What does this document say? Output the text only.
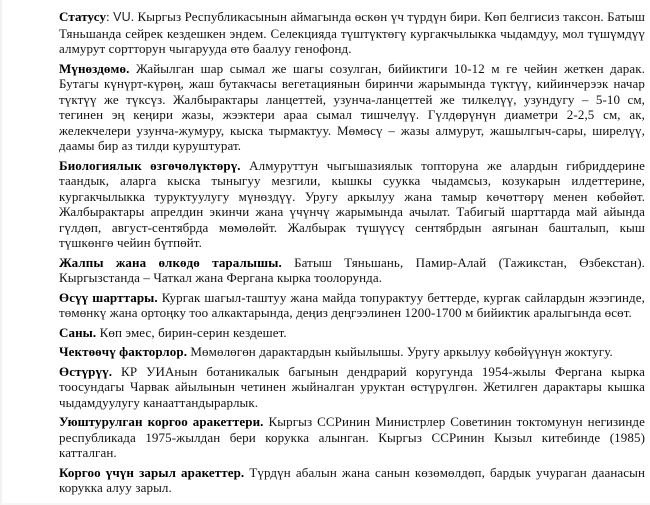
Статусу: VU. Кыргыз Республикасынын аймагында өскөн үч түрдүн бири. Көп белгисиз таксон. Батыш Тяньшанда сейрек кездешкен эндем. Селекцияда түштүктөгү кургакчылыкка чыдамдуу, мол түшүмдүү алмурут сортторун чыгарууда өтө баалуу генофонд.

Мүнөздөмө. Жайылган шар сымал же шагы созулган, бийиктиги 10-12 м ге чейин жеткен дарак. Бутагы күнүрт-күрөң, жаш бутакчасы вегетациянын биринчи жарымында түктүү, кийинчерээк начар түктүү же түксүз. Жалбырактары ланцеттей, узунча-ланцеттей же тилкелүү, узундугу – 5-10 см, тегинен эң кеңири жазы, жээктери араа сымал тишчелүү. Гүлдөрүнүн диаметри 2-2,5 см, ак, желекчелери узунча-жумуру, кыска тырмактуу. Мөмөсү – жазы алмурут, жашылгыч-сары, ширелүү, даамы бир аз тилди куруштурат.

Биологиялык өзгөчөлүктөрү. Алмуруттун чыгышазиялык топторуна же алардын гибриддерине таандык, аларга кыска тыныгуу мезгили, кышкы суукка чыдамсыз, козукарын илдеттерине, кургакчылыкка туруктуулугу мүнөздүү. Уругу аркылуу жана тамыр көчөттөрү менен көбөйөт. Жалбырактары апрелдин экинчи жана үчүнчү жарымында ачылат. Табигый шарттарда май айында гүлдөп, август-сентябрда мөмөлөйт. Жалбырак түшүүсү сентябрдын аягынан башталып, кыш түшкөнгө чейин бүтпөйт.

Жалпы жана өлкөдө таралышы. Батыш Тяньшань, Памир-Алай (Тажикстан, Өзбекстан). Кыргызстанда – Чаткал жана Фергана кырка тоолорунда.

Өсүү шарттары. Кургак шагыл-таштуу жана майда топурактуу беттерде, кургак сайлардын жээгинде, төмөнкү жана ортоңку тоо алкактарында, деңиз деңгээлинен 1200-1700 м бийиктик аралыгында өсөт.

Саны. Көп эмес, бирин-серин кездешет.

Чектөөчү факторлор. Мөмөлөгөн дарактардын кыйылышы. Уругу аркылуу көбөйүүнүн жоктугу.

Өстүрүү. КР УИАнын ботаникалык багынын дендрарий коругунда 1954-жылы Фергана кырка тоосундагы Чарвак айылынын четинен жыйналган уруктан өстүрүлгөн. Жетилген дарактары кышка чыдамдуулугу канааттандырарлык.

Уюштурулган коргоо аракеттери. Кыргыз ССРинин Министрлер Советинин токтомунун негизинде республикада 1975-жылдан бери корукка алынган. Кыргыз ССРинин Кызыл китебинде (1985) катталган.

Коргоо үчүн зарыл аракеттер. Түрдүн абалын жана санын көзөмөлдөп, бардык учураган даанасын корукка алуу зарыл.
